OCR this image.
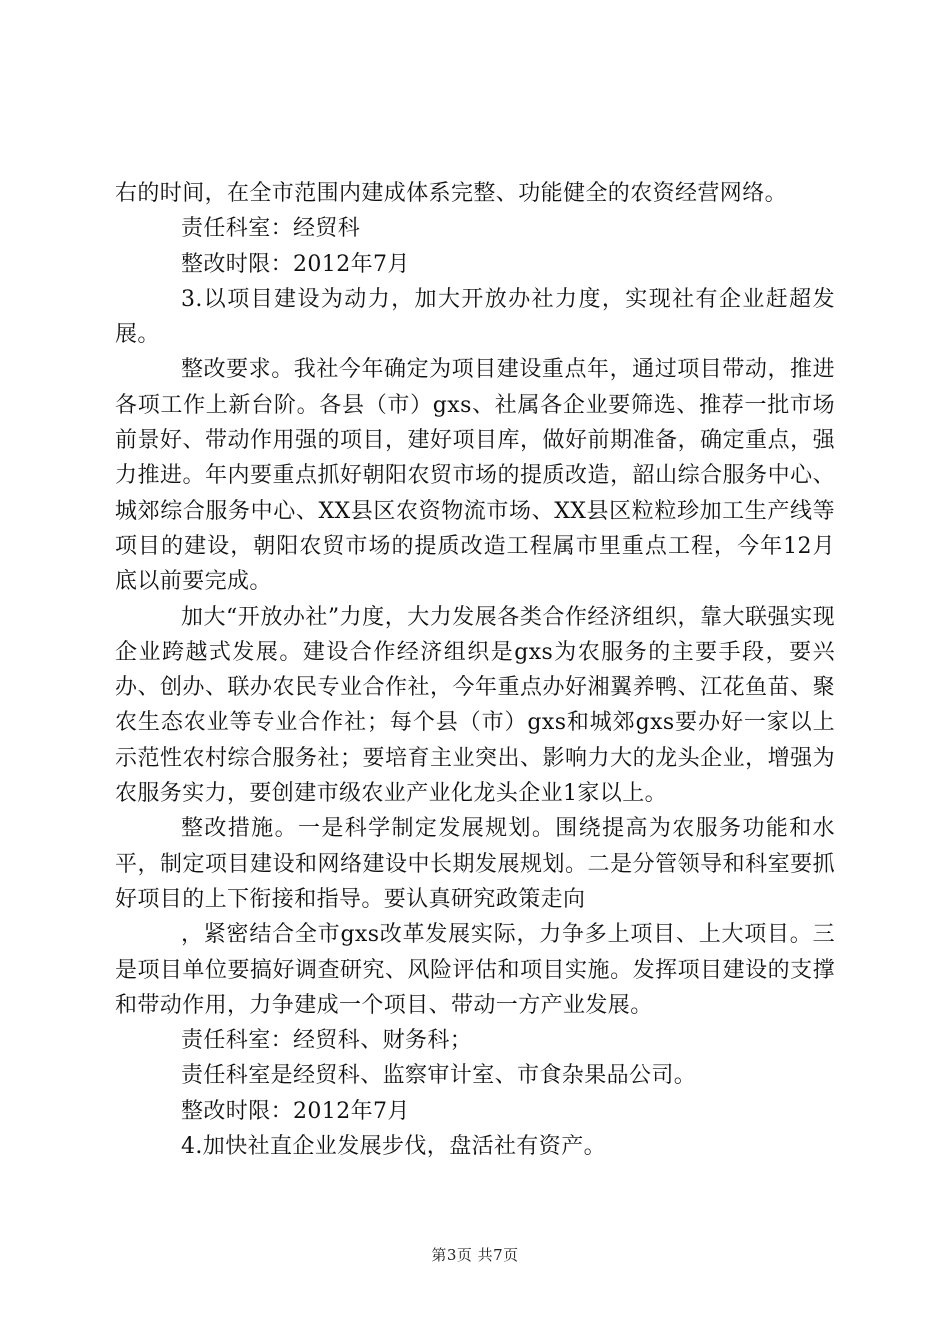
右的时间，在全市范围内建成体系完整、功能健全的农资经营网络。

责任科室：经贸科

整改时限：2012年7月

3.以项目建设为动力，加大开放办社力度，实现社有企业赶超发展。

整改要求。我社今年确定为项目建设重点年，通过项目带动，推进各项工作上新台阶。各县（市）gxs、社属各企业要筛选、推荐一批市场前景好、带动作用强的项目，建好项目库，做好前期准备，确定重点，强力推进。年内要重点抓好朝阳农贸市场的提质改造，韶山综合服务中心、城郊综合服务中心、XX县区农资物流市场、XX县区粒粒珍加工生产线等项目的建设，朝阳农贸市场的提质改造工程属市里重点工程，今年12月底以前要完成。

加大“开放办社”力度，大力发展各类合作经济组织，靠大联强实现企业跨越式发展。建设合作经济组织是gxs为农服务的主要手段，要兴办、创办、联办农民专业合作社，今年重点办好湘翼养鸭、江花鱼苗、聚农生态农业等专业合作社；每个县（市）gxs和城郊gxs要办好一家以上示范性农村综合服务社；要培育主业突出、影响力大的龙头企业，增强为农服务实力，要创建市级农业产业化龙头企业1家以上。

整改措施。一是科学制定发展规划。围绕提高为农服务功能和水平，制定项目建设和网络建设中长期发展规划。二是分管领导和科室要抓好项目的上下衔接和指导。要认真研究政策走向

，紧密结合全市gxs改革发展实际，力争多上项目、上大项目。三是项目单位要搞好调查研究、风险评估和项目实施。发挥项目建设的支撑和带动作用，力争建成一个项目、带动一方产业发展。

责任科室：经贸科、财务科；

责任科室是经贸科、监察审计室、市食杂果品公司。

整改时限：2012年7月

4.加快社直企业发展步伐，盘活社有资产。

第3页 共7页
